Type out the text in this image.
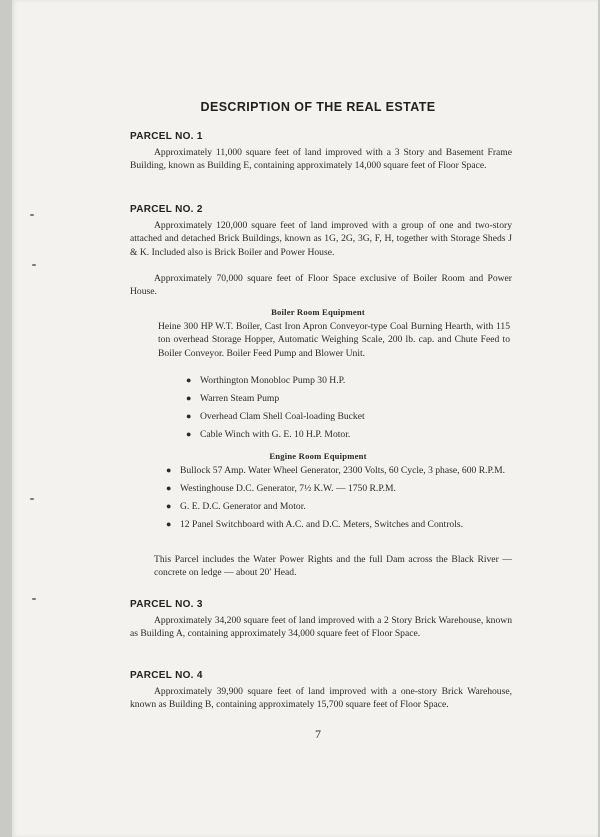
DESCRIPTION OF THE REAL ESTATE
PARCEL NO. 1
Approximately 11,000 square feet of land improved with a 3 Story and Basement Frame Building, known as Building E, containing approximately 14,000 square feet of Floor Space.
PARCEL NO. 2
Approximately 120,000 square feet of land improved with a group of one and two-story attached and detached Brick Buildings, known as 1G, 2G, 3G, F, H, together with Storage Sheds J & K. Included also is Brick Boiler and Power House.
Approximately 70,000 square feet of Floor Space exclusive of Boiler Room and Power House.
Boiler Room Equipment
Heine 300 HP W.T. Boiler, Cast Iron Apron Conveyor-type Coal Burning Hearth, with 115 ton overhead Storage Hopper, Automatic Weighing Scale, 200 lb. cap. and Chute Feed to Boiler Conveyor. Boiler Feed Pump and Blower Unit.
● Worthington Monobloc Pump 30 H.P.
● Warren Steam Pump
● Overhead Clam Shell Coal-loading Bucket
● Cable Winch with G. E. 10 H.P. Motor.
Engine Room Equipment
● Bullock 57 Amp. Water Wheel Generator, 2300 Volts, 60 Cycle, 3 phase, 600 R.P.M.
● Westinghouse D.C. Generator, 7½ K.W. — 1750 R.P.M.
● G. E. D.C. Generator and Motor.
● 12 Panel Switchboard with A.C. and D.C. Meters, Switches and Controls.
This Parcel includes the Water Power Rights and the full Dam across the Black River — concrete on ledge — about 20′ Head.
PARCEL NO. 3
Approximately 34,200 square feet of land improved with a 2 Story Brick Warehouse, known as Building A, containing approximately 34,000 square feet of Floor Space.
PARCEL NO. 4
Approximately 39,900 square feet of land improved with a one-story Brick Warehouse, known as Building B, containing approximately 15,700 square feet of Floor Space.
7
